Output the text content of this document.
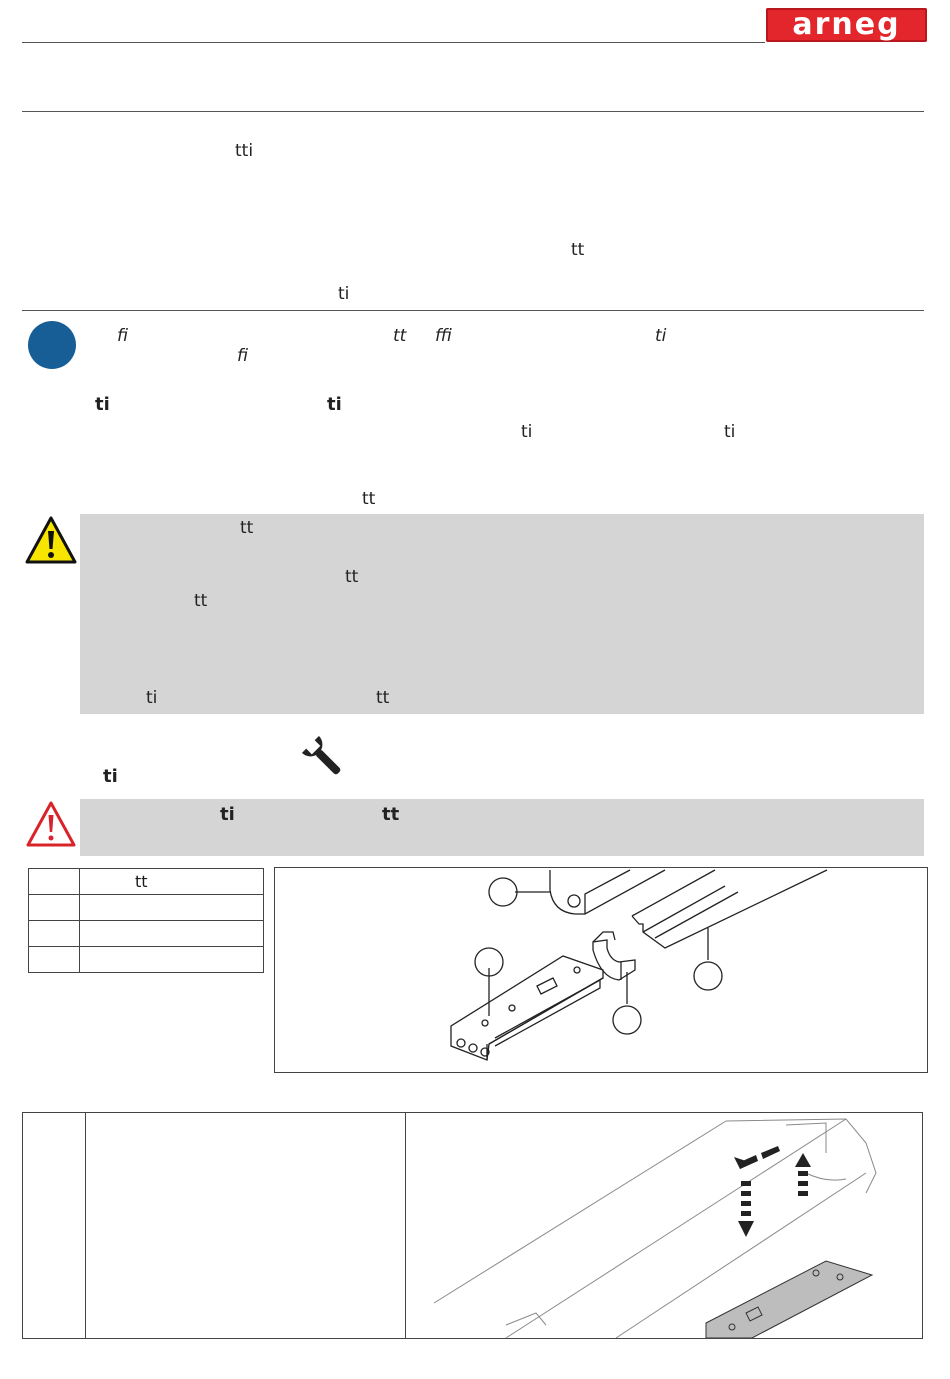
arneg
tti
tt
ti
fi	tt ffi	ti
fi
ti	ti
ti	ti
tt
tt
tt
tt
ti	tt
ti
ti	tt
	tt
